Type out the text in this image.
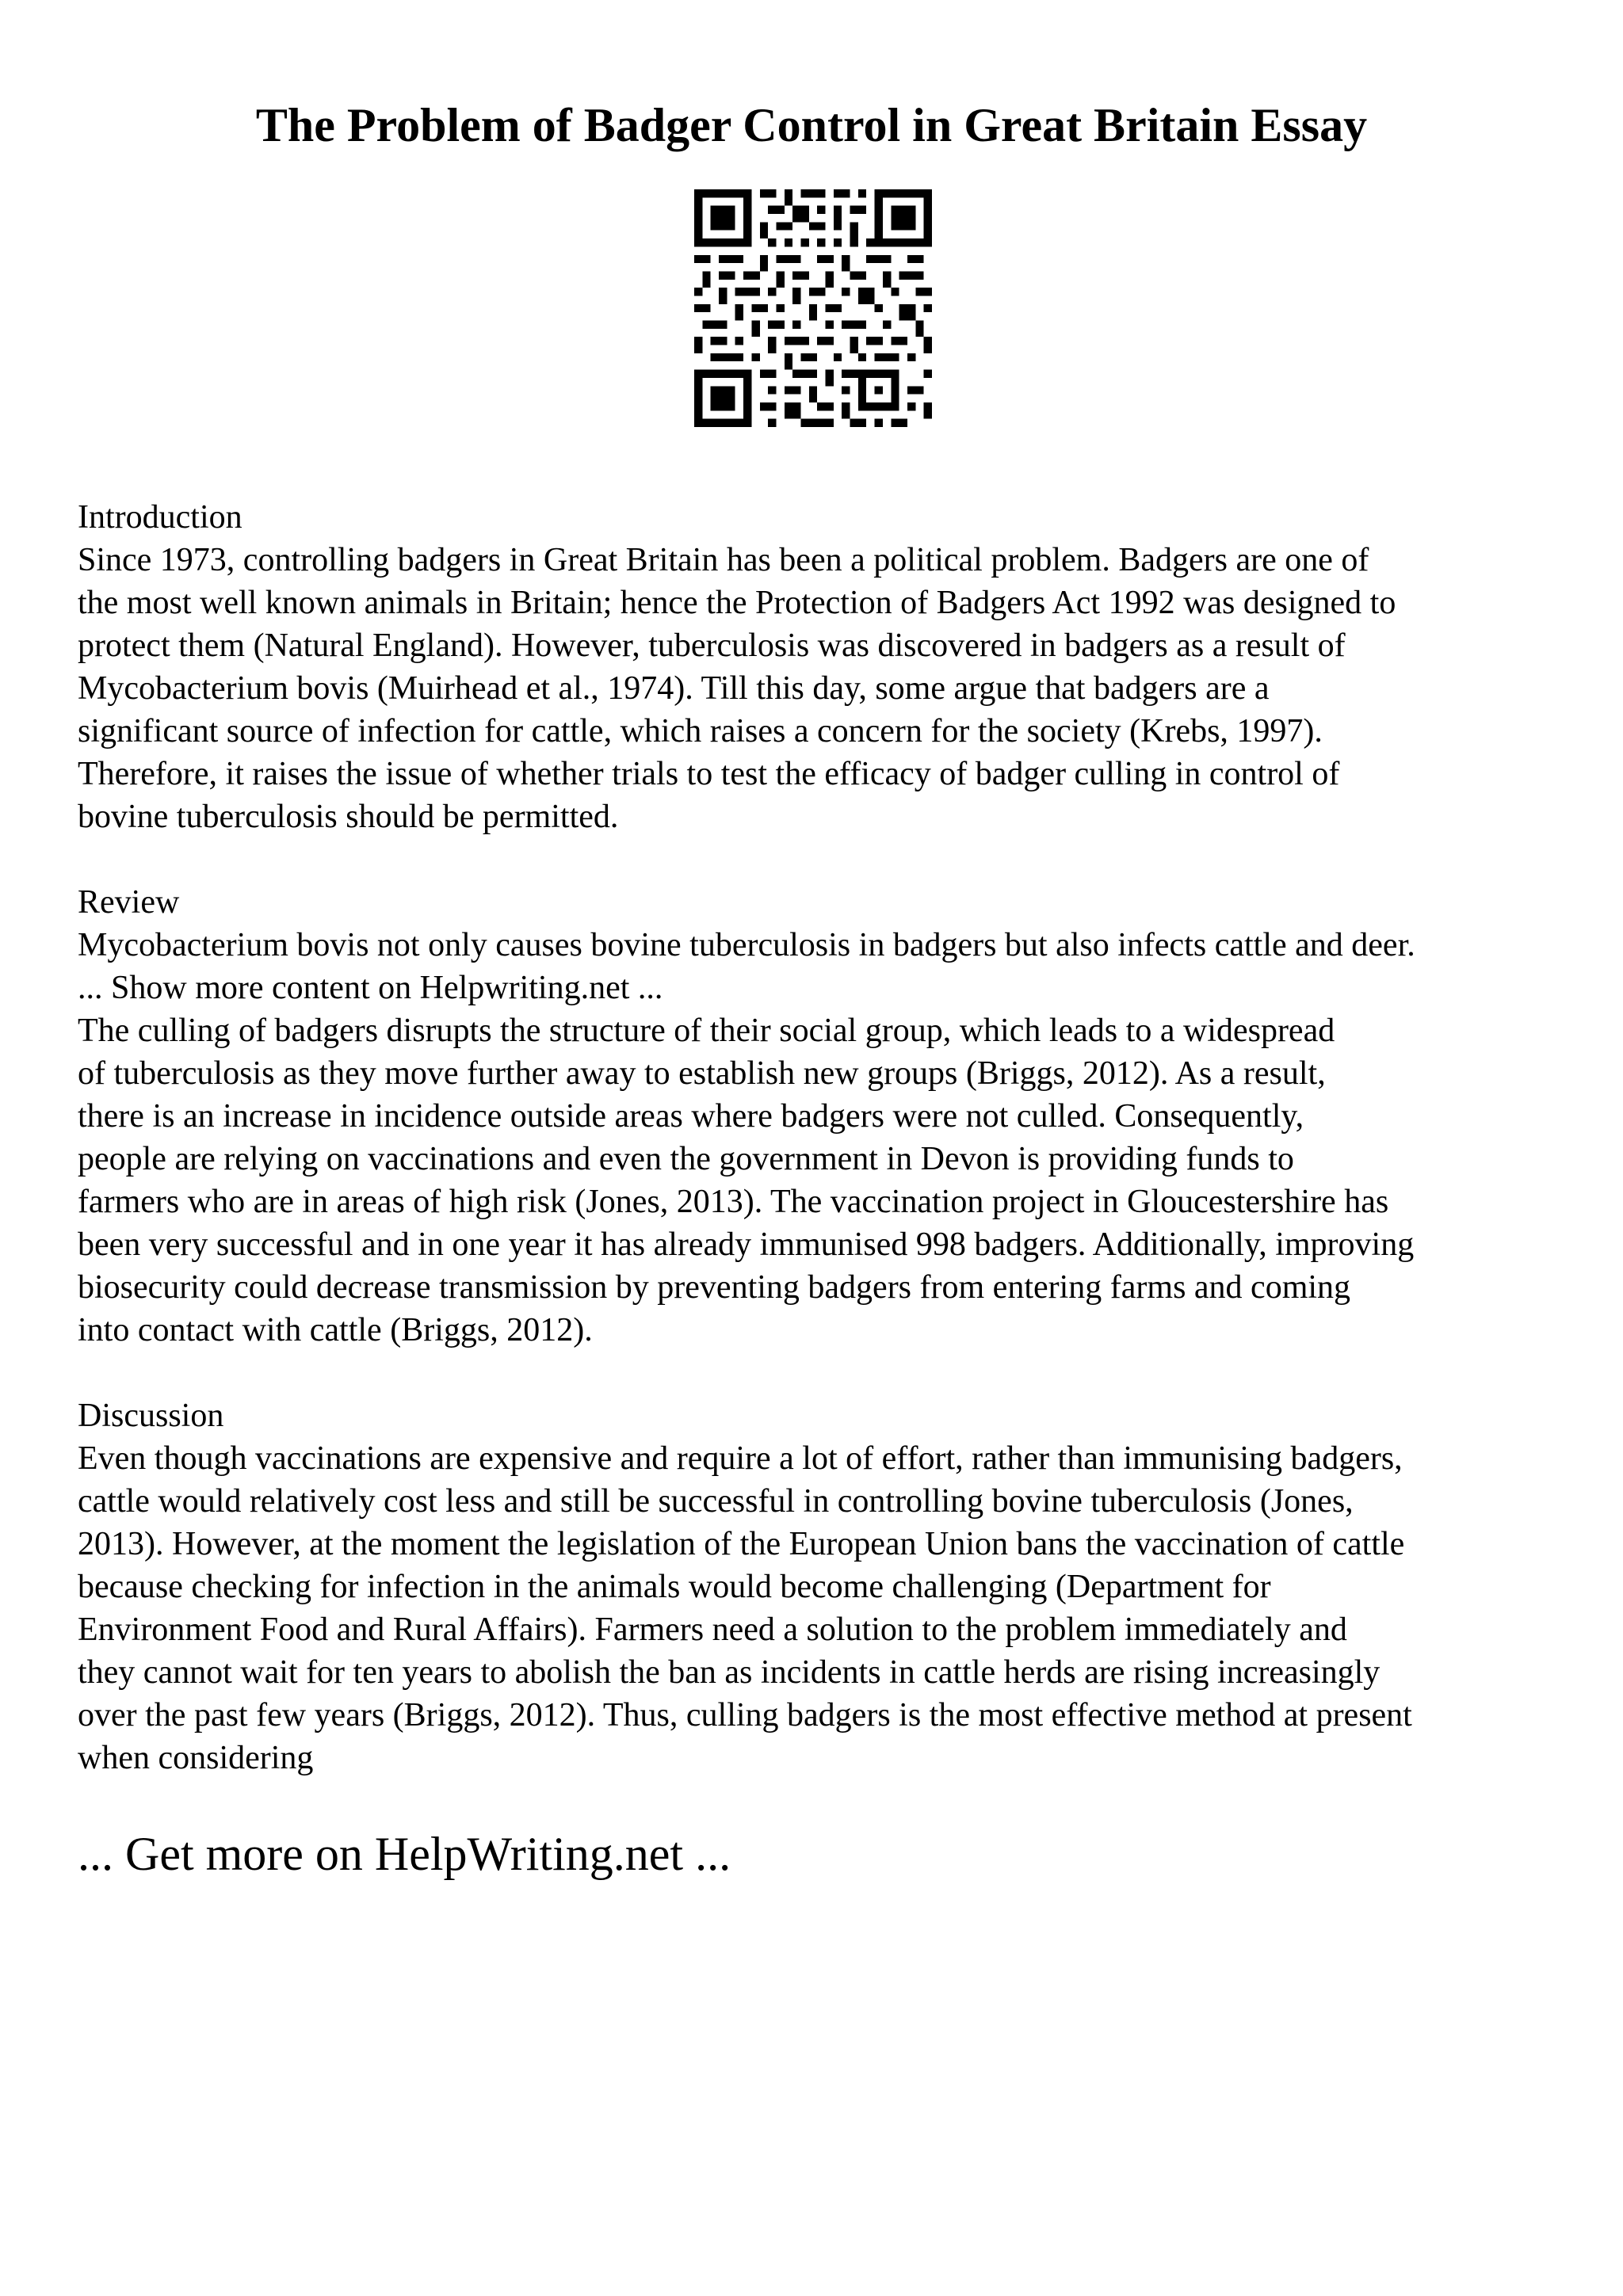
The Problem of Badger Control in Great Britain Essay
Introduction
Since 1973, controlling badgers in Great Britain has been a political problem. Badgers are one of
the most well known animals in Britain; hence the Protection of Badgers Act 1992 was designed to
protect them (Natural England). However, tuberculosis was discovered in badgers as a result of
Mycobacterium bovis (Muirhead et al., 1974). Till this day, some argue that badgers are a
significant source of infection for cattle, which raises a concern for the society (Krebs, 1997).
Therefore, it raises the issue of whether trials to test the efficacy of badger culling in control of
bovine tuberculosis should be permitted.
Review
Mycobacterium bovis not only causes bovine tuberculosis in badgers but also infects cattle and deer.
... Show more content on Helpwriting.net ...
The culling of badgers disrupts the structure of their social group, which leads to a widespread
of tuberculosis as they move further away to establish new groups (Briggs, 2012). As a result,
there is an increase in incidence outside areas where badgers were not culled. Consequently,
people are relying on vaccinations and even the government in Devon is providing funds to
farmers who are in areas of high risk (Jones, 2013). The vaccination project in Gloucestershire has
been very successful and in one year it has already immunised 998 badgers. Additionally, improving
biosecurity could decrease transmission by preventing badgers from entering farms and coming
into contact with cattle (Briggs, 2012).
Discussion
Even though vaccinations are expensive and require a lot of effort, rather than immunising badgers,
cattle would relatively cost less and still be successful in controlling bovine tuberculosis (Jones,
2013). However, at the moment the legislation of the European Union bans the vaccination of cattle
because checking for infection in the animals would become challenging (Department for
Environment Food and Rural Affairs). Farmers need a solution to the problem immediately and
they cannot wait for ten years to abolish the ban as incidents in cattle herds are rising increasingly
over the past few years (Briggs, 2012). Thus, culling badgers is the most effective method at present
when considering
... Get more on HelpWriting.net ...
